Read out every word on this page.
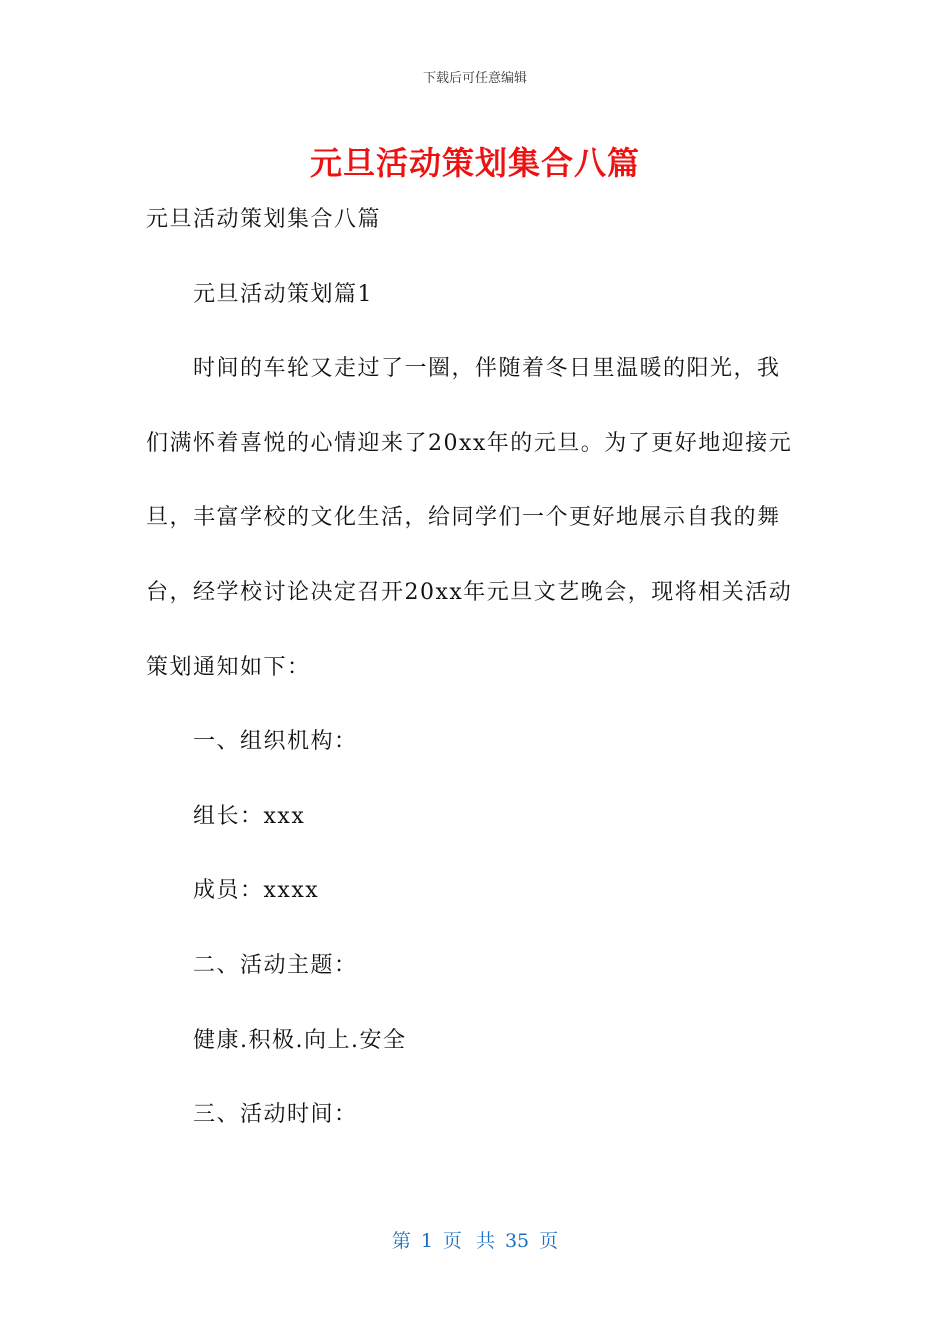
下载后可任意编辑
元旦活动策划集合八篇
元旦活动策划集合八篇
元旦活动策划篇1
时间的车轮又走过了一圈，伴随着冬日里温暖的阳光，我
们满怀着喜悦的心情迎来了20xx年的元旦。为了更好地迎接元
旦，丰富学校的文化生活，给同学们一个更好地展示自我的舞
台，经学校讨论决定召开20xx年元旦文艺晚会，现将相关活动
策划通知如下：
一、组织机构：
组长：xxx
成员：xxxx
二、活动主题：
健康.积极.向上.安全
三、活动时间：
第 1 页 共 35 页
